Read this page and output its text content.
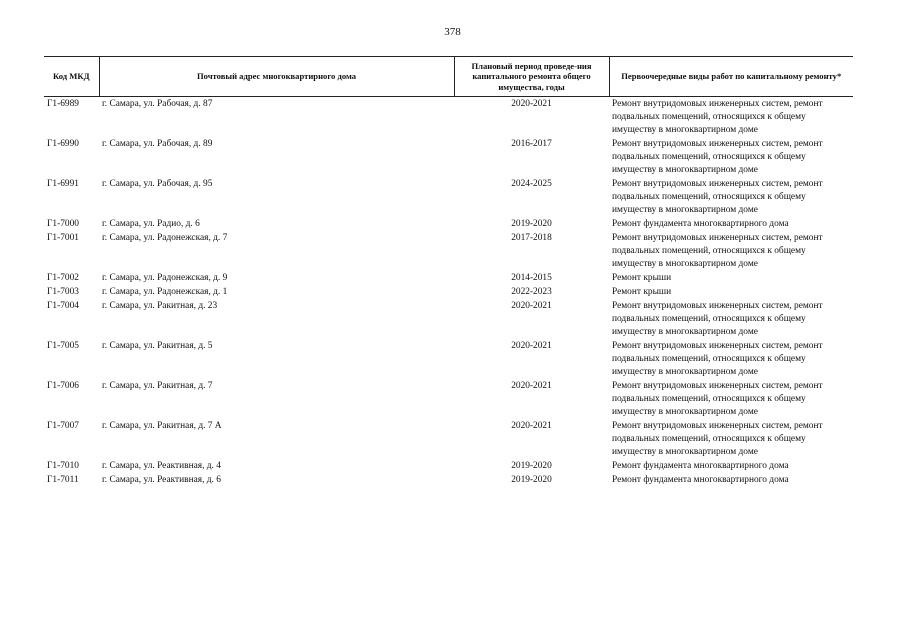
378
Код МКД	Почтовый адрес многоквартирного дома	Плановый период проведе-ния капитального ремонта общего имущества, годы	Первоочередные виды работ по капитальному ремонту*
Г1-6989	г. Самара, ул. Рабочая, д. 87	2020-2021	Ремонт внутридомовых инженерных систем, ремонт подвальных помещений, относящихся к общему имуществу в многоквартирном доме
Г1-6990	г. Самара, ул. Рабочая, д. 89	2016-2017	Ремонт внутридомовых инженерных систем, ремонт подвальных помещений, относящихся к общему имуществу в многоквартирном доме
Г1-6991	г. Самара, ул. Рабочая, д. 95	2024-2025	Ремонт внутридомовых инженерных систем, ремонт подвальных помещений, относящихся к общему имуществу в многоквартирном доме
Г1-7000	г. Самара, ул. Радио, д. 6	2019-2020	Ремонт фундамента многоквартирного дома
Г1-7001	г. Самара, ул. Радонежская, д. 7	2017-2018	Ремонт внутридомовых инженерных систем, ремонт подвальных помещений, относящихся к общему имуществу в многоквартирном доме
Г1-7002	г. Самара, ул. Радонежская, д. 9	2014-2015	Ремонт крыши
Г1-7003	г. Самара, ул. Радонежская, д. 1	2022-2023	Ремонт крыши
Г1-7004	г. Самара, ул. Ракитная, д. 23	2020-2021	Ремонт внутридомовых инженерных систем, ремонт подвальных помещений, относящихся к общему имуществу в многоквартирном доме
Г1-7005	г. Самара, ул. Ракитная, д. 5	2020-2021	Ремонт внутридомовых инженерных систем, ремонт подвальных помещений, относящихся к общему имуществу в многоквартирном доме
Г1-7006	г. Самара, ул. Ракитная, д. 7	2020-2021	Ремонт внутридомовых инженерных систем, ремонт подвальных помещений, относящихся к общему имуществу в многоквартирном доме
Г1-7007	г. Самара, ул. Ракитная, д. 7 А	2020-2021	Ремонт внутридомовых инженерных систем, ремонт подвальных помещений, относящихся к общему имуществу в многоквартирном доме
Г1-7010	г. Самара, ул. Реактивная, д. 4	2019-2020	Ремонт фундамента многоквартирного дома
Г1-7011	г. Самара, ул. Реактивная, д. 6	2019-2020	Ремонт фундамента многоквартирного дома
